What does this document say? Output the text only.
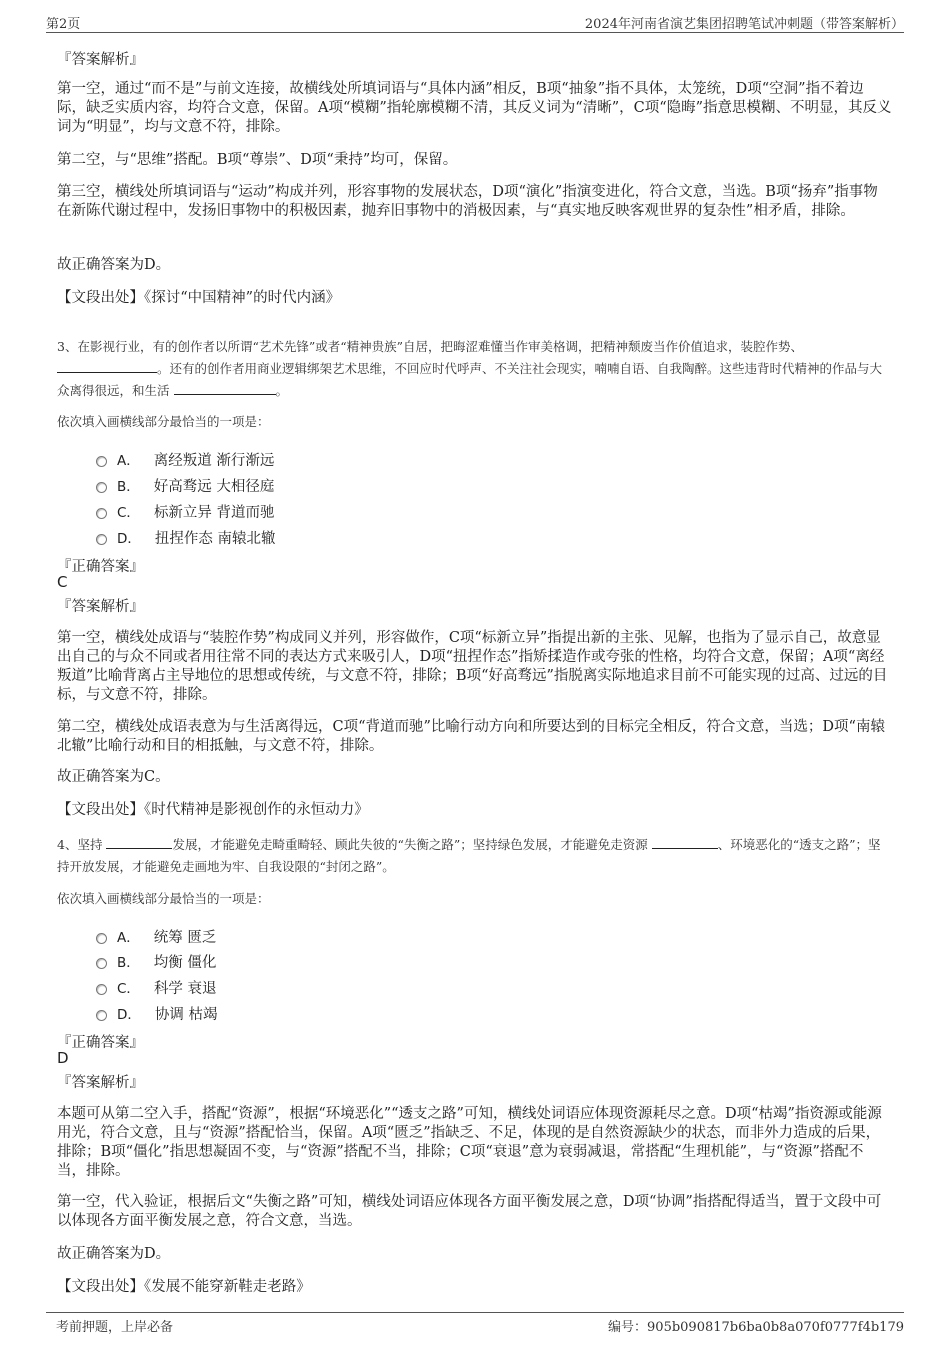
第2页	2024年河南省演艺集团招聘笔试冲刺题（带答案解析）
『答案解析』

第一空，通过“而不是”与前文连接，故横线处所填词语与“具体内涵”相反，B项“抽象”指不具体，太笼统，D项“空洞”指不着边际，缺乏实质内容，均符合文意，保留。A项“模糊”指轮廓模糊不清，其反义词为“清晰”，C项“隐晦”指意思模糊、不明显，其反义词为“明显”，均与文意不符，排除。

第二空，与“思维”搭配。B项“尊崇”、D项“秉持”均可，保留。

第三空，横线处所填词语与“运动”构成并列，形容事物的发展状态，D项“演化”指演变进化，符合文意，当选。B项“扬弃”指事物在新陈代谢过程中，发扬旧事物中的积极因素，抛弃旧事物中的消极因素，与“真实地反映客观世界的复杂性”相矛盾，排除。

故正确答案为D。

【文段出处】《探讨“中国精神”的时代内涵》

3、在影视行业，有的创作者以所谓“艺术先锋”或者“精神贵族”自居，把晦涩难懂当作审美格调，把精神颓废当作价值追求，装腔作势、
。还有的创作者用商业逻辑绑架艺术思维，不回应时代呼声、不关注社会现实，喃喃自语、自我陶醉。这些违背时代精神的作品与大众离得很远，和生活	。

依次填入画横线部分最恰当的一项是：

A． 离经叛道 渐行渐远
B． 好高骛远 大相径庭
C． 标新立异 背道而驰
D． 扭捏作态 南辕北辙
『正确答案』
C
『答案解析』

第一空，横线处成语与“装腔作势”构成同义并列，形容做作，C项“标新立异”指提出新的主张、见解，也指为了显示自己，故意显出自己的与众不同或者用往常不同的表达方式来吸引人，D项“扭捏作态”指矫揉造作或夸张的性格，均符合文意，保留；A项“离经叛道”比喻背离占主导地位的思想或传统，与文意不符，排除；B项“好高骛远”指脱离实际地追求目前不可能实现的过高、过远的目标，与文意不符，排除。

第二空，横线处成语表意为与生活离得远，C项“背道而驰”比喻行动方向和所要达到的目标完全相反，符合文意，当选；D项“南辕北辙”比喻行动和目的相抵触，与文意不符，排除。

故正确答案为C。

【文段出处】《时代精神是影视创作的永恒动力》

4、坚持	发展，才能避免走畸重畸轻、顾此失彼的“失衡之路”；坚持绿色发展，才能避免走资源	、环境恶化的“透支之路”；坚持开放发展，才能避免走画地为牢、自我设限的“封闭之路”。

依次填入画横线部分最恰当的一项是：

A． 统筹 匮乏
B． 均衡 僵化
C． 科学 衰退
D． 协调 枯竭
『正确答案』
D
『答案解析』

本题可从第二空入手，搭配“资源”，根据“环境恶化”“透支之路”可知，横线处词语应体现资源耗尽之意。D项“枯竭”指资源或能源用光，符合文意，且与“资源”搭配恰当，保留。A项“匮乏”指缺乏、不足，体现的是自然资源缺少的状态，而非外力造成的后果，排除；B项“僵化”指思想凝固不变，与“资源”搭配不当，排除；C项“衰退”意为衰弱减退，常搭配“生理机能”，与“资源”搭配不当，排除。

第一空，代入验证，根据后文“失衡之路”可知，横线处词语应体现各方面平衡发展之意，D项“协调”指搭配得适当，置于文段中可以体现各方面平衡发展之意，符合文意，当选。

故正确答案为D。

【文段出处】《发展不能穿新鞋走老路》

考前押题，上岸必备	编号：905b090817b6ba0b8a070f0777f4b179
